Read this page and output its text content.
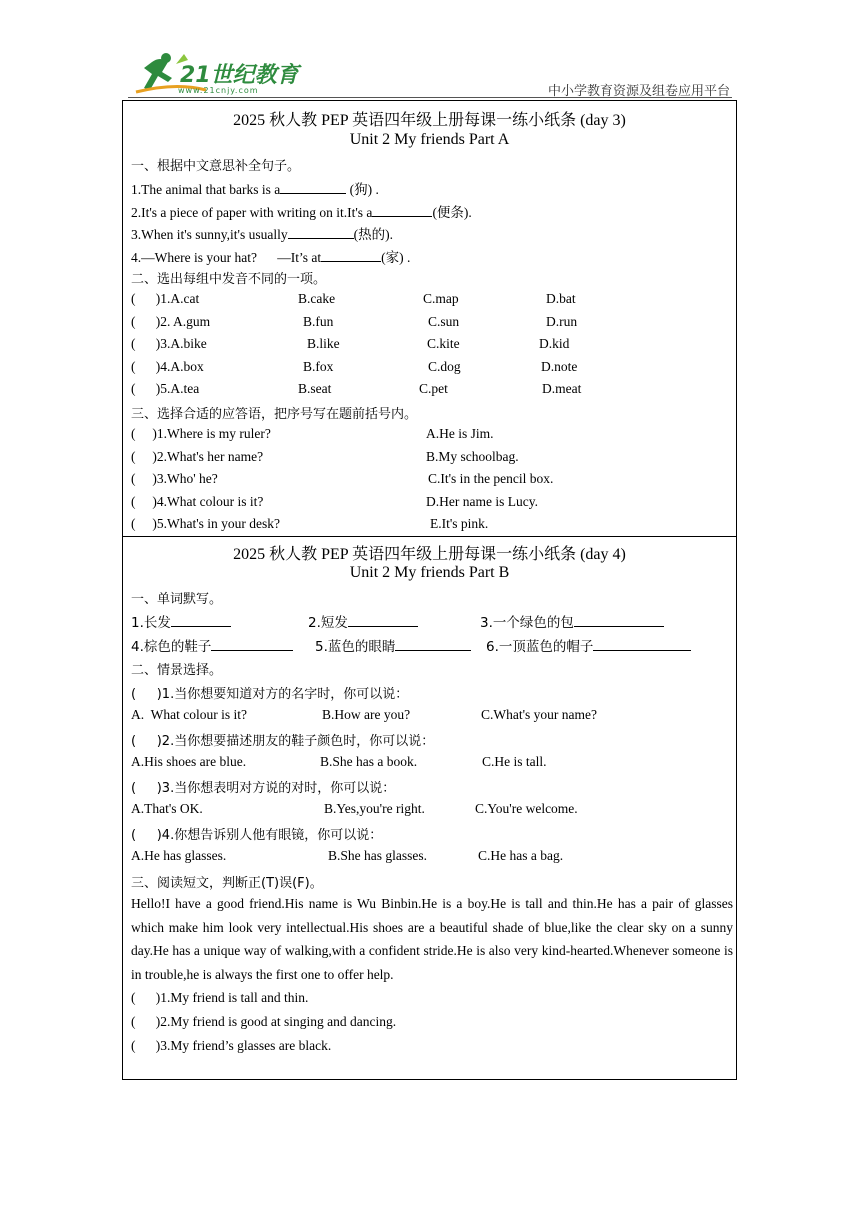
21世纪教育
www.21cnjy.com	中小学教育资源及组卷应用平台
2025 秋人教 PEP 英语四年级上册每课一练小纸条 (day 3)
Unit 2 My friends Part A
一、根据中文意思补全句子。
1.The animal that barks is a	(狗) .
2.It's a piece of paper with writing on it.It's a	(便条).
3.When it's sunny,it's usually	(热的).
4.—Where is your hat?      —It’s at	(家) .
二、选出每组中发音不同的一项。
(      )1.A.cat	B.cake	C.map	D.bat
(      )2. A.gum	B.fun	C.sun	D.run
(      )3.A.bike	B.like	C.kite	D.kid
(      )4.A.box	B.fox	C.dog	D.note
(      )5.A.tea	B.seat	C.pet	D.meat
三、选择合适的应答语，把序号写在题前括号内。
(     )1.Where is my ruler?	A.He is Jim.
(     )2.What's her name?	B.My schoolbag.
(     )3.Who' he?	C.It's in the pencil box.
(     )4.What colour is it?	D.Her name is Lucy.
(     )5.What's in your desk?	E.It's pink.
2025 秋人教 PEP 英语四年级上册每课一练小纸条 (day 4)
Unit 2 My friends Part B
一、单词默写。
1.长发	2.短发	3.一个绿色的包
4.棕色的鞋子	5.蓝色的眼睛	6.一顶蓝色的帽子
二、情景选择。
(     )1.当你想要知道对方的名字时，你可以说：
A.  What colour is it?	B.How are you?	C.What's your name?
(     )2.当你想要描述朋友的鞋子颜色时，你可以说：
A.His shoes are blue.	B.She has a book.	C.He is tall.
(     )3.当你想表明对方说的对时，你可以说：
A.That's OK.	B.Yes,you're right.	C.You're welcome.
(     )4.你想告诉别人他有眼镜，你可以说：
A.He has glasses.	B.She has glasses.	C.He has a bag.
三、阅读短文，判断正(T)误(F)。
Hello!I have a good friend.His name is Wu Binbin.He is a boy.He is tall and thin.He has a pair of glasses which make him look very intellectual.His shoes are a beautiful shade of blue,like the clear sky on a sunny day.He has a unique way of walking,with a confident stride.He is also very kind-hearted.Whenever someone is in trouble,he is always the first one to offer help.
(      )1.My friend is tall and thin.
(      )2.My friend is good at singing and dancing.
(      )3.My friend’s glasses are black.
